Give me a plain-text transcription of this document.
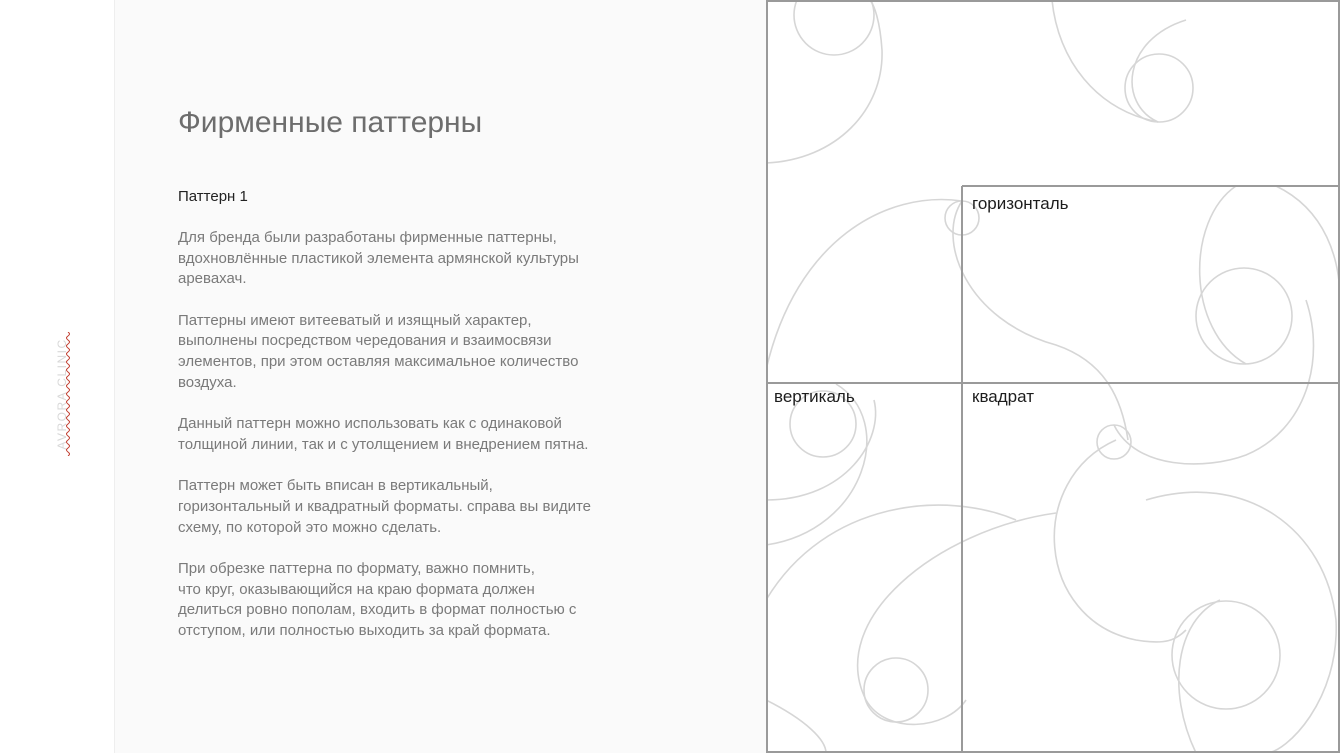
AVRORA CLINIC
Фирменные паттерны
Паттерн 1

Для бренда были разработаны фирменные паттерны,
вдохновлённые пластикой элемента армянской культуры
аревахач.

Паттерны имеют витееватый и изящный характер,
выполнены посредством чередования и взаимосвязи
элементов, при этом оставляя максимальное количество
воздуха.

Данный паттерн можно использовать как с одинаковой
толщиной линии, так и с утолщением и внедрением пятна.

Паттерн может быть вписан в вертикальный,
горизонтальный и квадратный форматы. справа вы видите
схему, по которой это можно сделать.

При обрезке паттерна по формату, важно помнить,
что круг, оказывающийся на краю формата должен
делиться ровно пополам, входить в формат полностью с
отступом, или полностью выходить за край формата.

горизонталь
вертикаль	квадрат
